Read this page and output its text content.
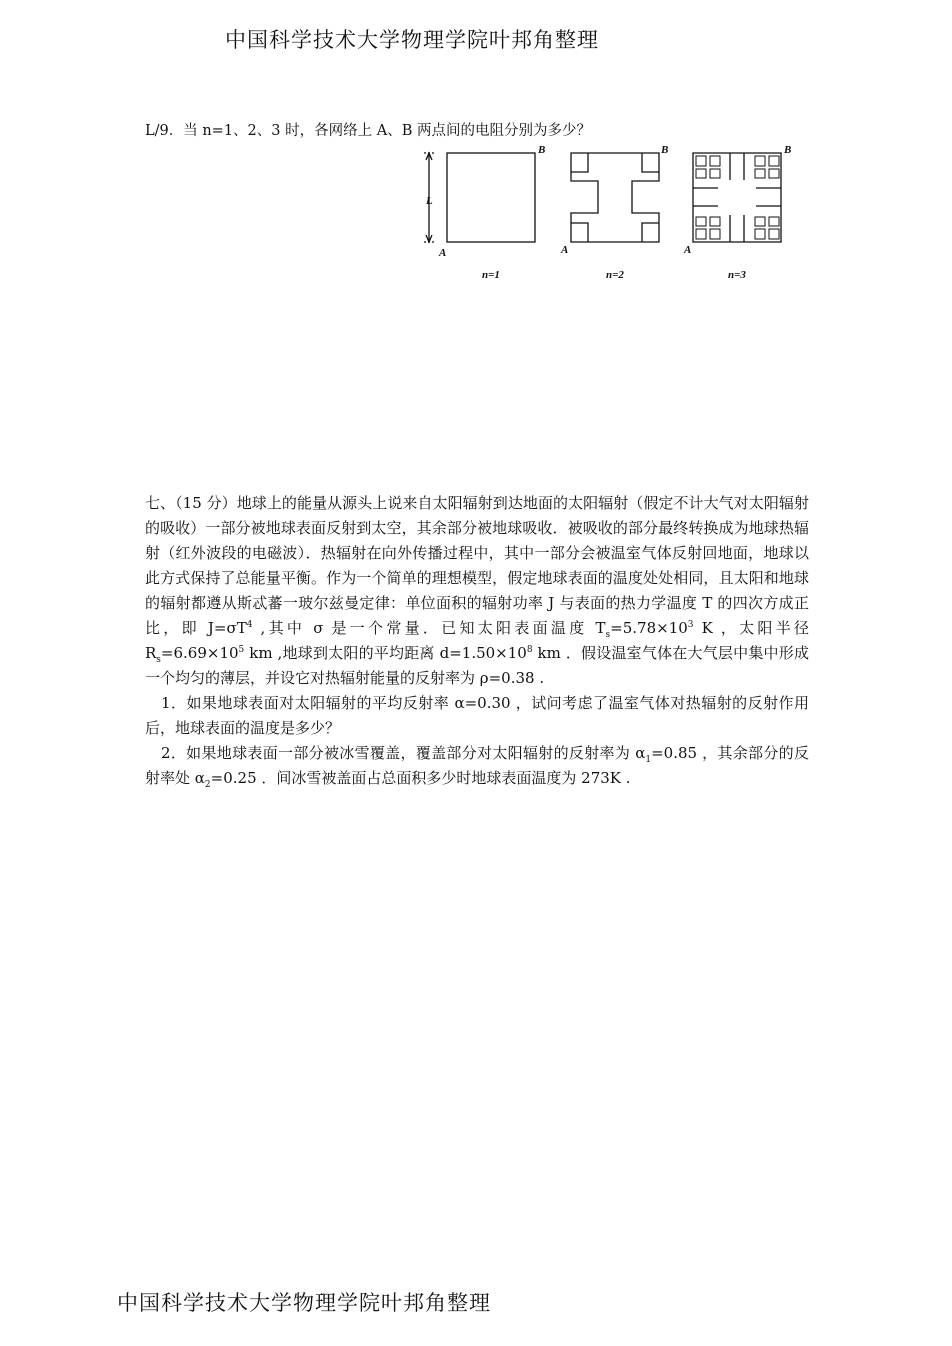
中国科学技术大学物理学院叶邦角整理
L/9．当 n=1、2、3 时，各网络上 A、B 两点间的电阻分别为多少？
L
A
B
A
B
A
B
n=1	n=2	n=3

七、（15 分）地球上的能量从源头上说来自太阳辐射到达地面的太阳辐射（假定不计大气对太阳辐射的吸收）一部分被地球表面反射到太空，其余部分被地球吸收．被吸收的部分最终转换成为地球热辐射（红外波段的电磁波）．热辐射在向外传播过程中，其中一部分会被温室气体反射回地面，地球以此方式保持了总能量平衡。作为一个简单的理想模型，假定地球表面的温度处处相同，且太阳和地球的辐射都遵从斯忒蕃一玻尔兹曼定律：单位面积的辐射功率 J 与表面的热力学温度 T 的四次方成正比，即 $J=\sigma T^4$ ,其中 σ 是一个常量．已知太阳表面温度 $T_s=5.78\times 10^3$ K ，太阳半径 $R_s=6.69\times 10^5$ km ,地球到太阳的平均距离 $d=1.50\times 10^8$ km ．假设温室气体在大气层中集中形成一个均匀的薄层，并设它对热辐射能量的反射率为 ρ=0.38 .

1．如果地球表面对太阳辐射的平均反射率 α=0.30 ，试问考虑了温室气体对热辐射的反射作用后，地球表面的温度是多少？

2．如果地球表面一部分被冰雪覆盖，覆盖部分对太阳辐射的反射率为 $\alpha_1=0.85$ ，其余部分的反射率处 $\alpha_2=0.25$ ．间冰雪被盖面占总面积多少时地球表面温度为 273K .

中国科学技术大学物理学院叶邦角整理
